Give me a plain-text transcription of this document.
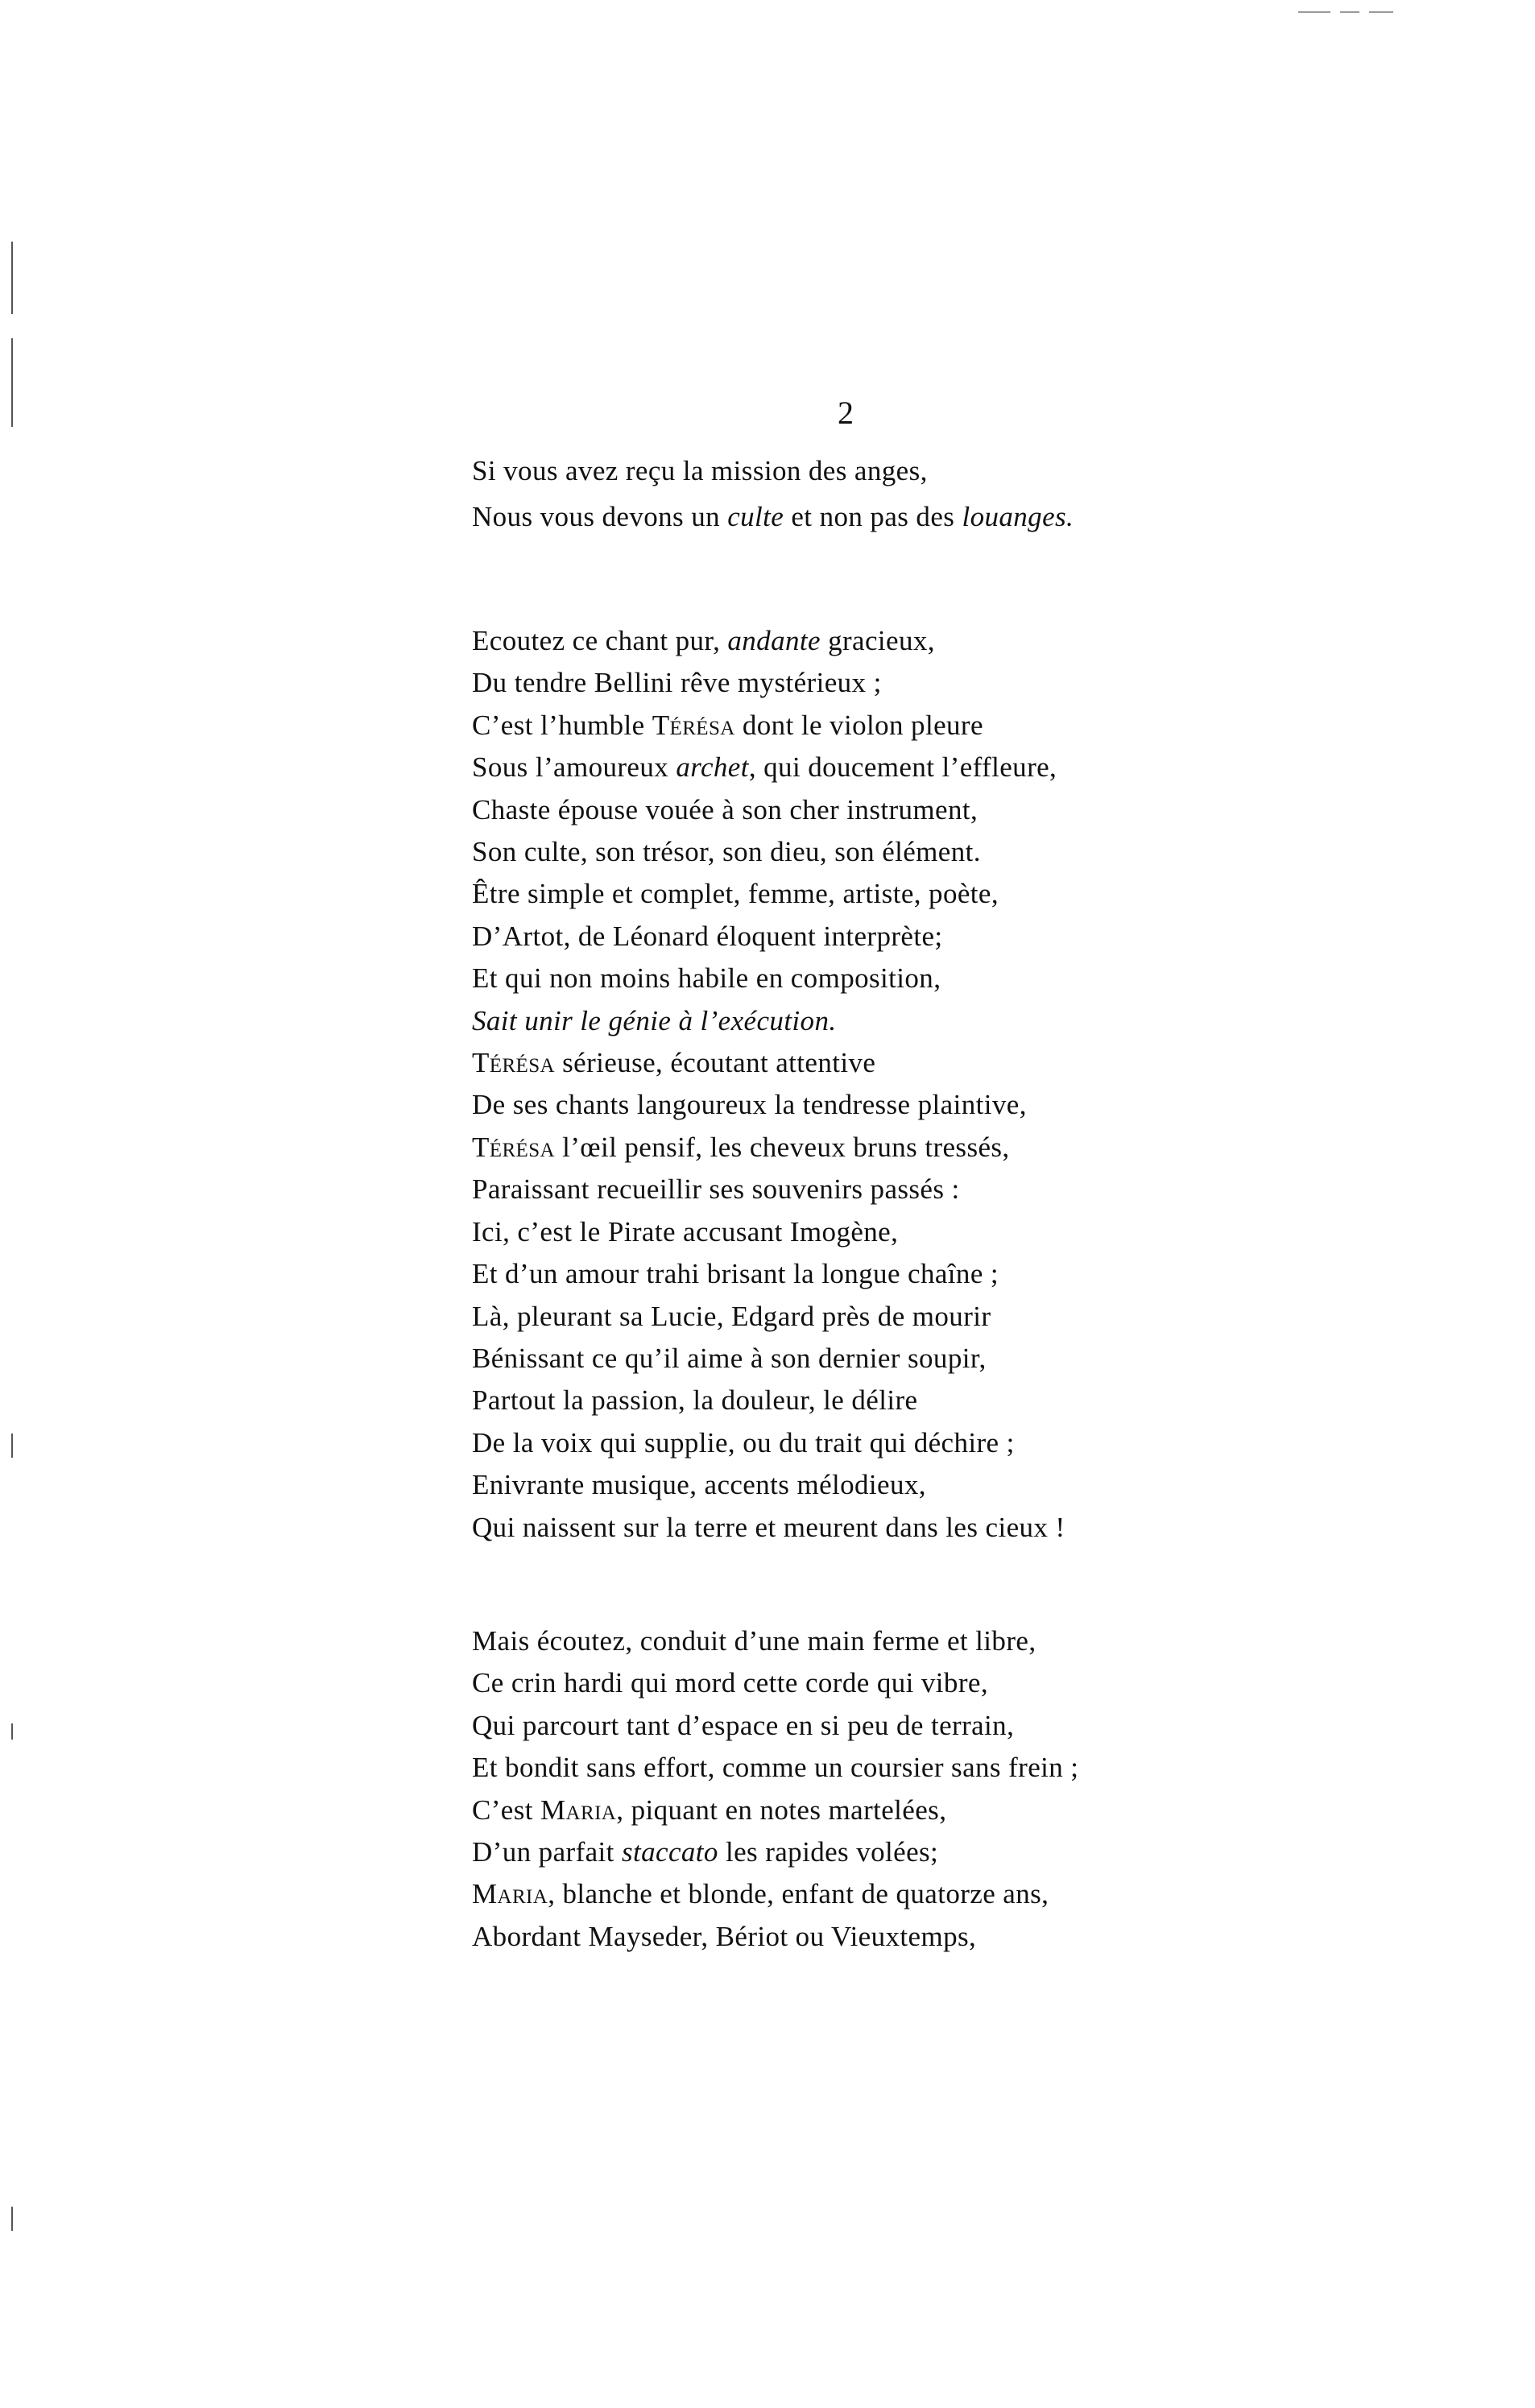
2
Si vous avez reçu la mission des anges,
Nous vous devons un culte et non pas des louanges.
Ecoutez ce chant pur, andante gracieux,
Du tendre Bellini rêve mystérieux ;
C’est l’humble Térésa dont le violon pleure
Sous l’amoureux archet, qui doucement l’effleure,
Chaste épouse vouée à son cher instrument,
Son culte, son trésor, son dieu, son élément.
Être simple et complet, femme, artiste, poète,
D’Artot, de Léonard éloquent interprète;
Et qui non moins habile en composition,
Sait unir le génie à l’exécution.
Térésa sérieuse, écoutant attentive
De ses chants langoureux la tendresse plaintive,
Térésa l’œil pensif, les cheveux bruns tressés,
Paraissant recueillir ses souvenirs passés :
Ici, c’est le Pirate accusant Imogène,
Et d’un amour trahi brisant la longue chaîne ;
Là, pleurant sa Lucie, Edgard près de mourir
Bénissant ce qu’il aime à son dernier soupir,
Partout la passion, la douleur, le délire
De la voix qui supplie, ou du trait qui déchire ;
Enivrante musique, accents mélodieux,
Qui naissent sur la terre et meurent dans les cieux !
Mais écoutez, conduit d’une main ferme et libre,
Ce crin hardi qui mord cette corde qui vibre,
Qui parcourt tant d’espace en si peu de terrain,
Et bondit sans effort, comme un coursier sans frein ;
C’est Maria, piquant en notes martelées,
D’un parfait staccato les rapides volées;
Maria, blanche et blonde, enfant de quatorze ans,
Abordant Mayseder, Bériot ou Vieuxtemps,
